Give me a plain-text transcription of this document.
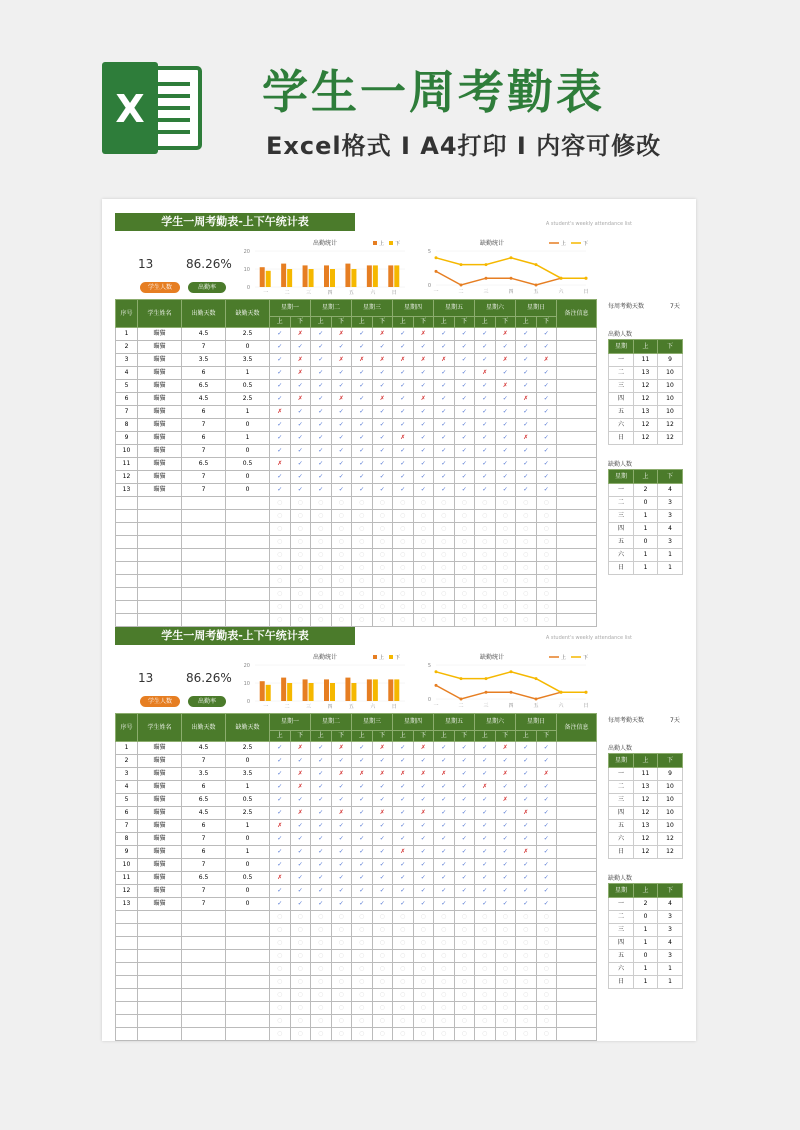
X	学生一周考勤表
Excel格式 Ⅰ A4打印 Ⅰ 内容可修改
学生一周考勤表-上下午统计表	A student's weekly attendance list
13	86.26%
学生人数	出勤率
出勤统计	上 下
20
10
0
一	二	三	四	五	六	日
缺勤统计	上	下
5
0
一	二	三	四	五	六	日
序号	学生姓名	出勤天数	缺勤天数	星期一		星期二		星期三		星期四		星期五		星期六		星期日		备注信息
				上	下	上	下	上	下	上	下	上	下	上	下	上	下	
1	瞄猫	4.5	2.5	✓	✗	✓	✗	✓	✗	✓	✗	✓	✓	✓	✗	✓	✓	
2	瞄猫	7	0	✓	✓	✓	✓	✓	✓	✓	✓	✓	✓	✓	✓	✓	✓	
3	瞄猫	3.5	3.5	✓	✗	✓	✗	✗	✗	✗	✗	✗	✓	✓	✗	✓	✗	
4	瞄猫	6	1	✓	✗	✓	✓	✓	✓	✓	✓	✓	✓	✗	✓	✓	✓	
5	瞄猫	6.5	0.5	✓	✓	✓	✓	✓	✓	✓	✓	✓	✓	✓	✗	✓	✓	
6	瞄猫	4.5	2.5	✓	✗	✓	✗	✓	✗	✓	✗	✓	✓	✓	✓	✗	✓	
7	瞄猫	6	1	✗	✓	✓	✓	✓	✓	✓	✓	✓	✓	✓	✓	✓	✓	
8	瞄猫	7	0	✓	✓	✓	✓	✓	✓	✓	✓	✓	✓	✓	✓	✓	✓	
9	瞄猫	6	1	✓	✓	✓	✓	✓	✓	✗	✓	✓	✓	✓	✓	✗	✓	
10	瞄猫	7	0	✓	✓	✓	✓	✓	✓	✓	✓	✓	✓	✓	✓	✓	✓	
11	瞄猫	6.5	0.5	✗	✓	✓	✓	✓	✓	✓	✓	✓	✓	✓	✓	✓	✓	
12	瞄猫	7	0	✓	✓	✓	✓	✓	✓	✓	✓	✓	✓	✓	✓	✓	✓	
13	瞄猫	7	0	✓	✓	✓	✓	✓	✓	✓	✓	✓	✓	✓	✓	✓	✓	
				○	○	○	○	○	○	○	○	○	○	○	○	○	○	
				○	○	○	○	○	○	○	○	○	○	○	○	○	○	
				○	○	○	○	○	○	○	○	○	○	○	○	○	○	
				○	○	○	○	○	○	○	○	○	○	○	○	○	○	
				○	○	○	○	○	○	○	○	○	○	○	○	○	○	
				○	○	○	○	○	○	○	○	○	○	○	○	○	○	
				○	○	○	○	○	○	○	○	○	○	○	○	○	○	
				○	○	○	○	○	○	○	○	○	○	○	○	○	○	
				○	○	○	○	○	○	○	○	○	○	○	○	○	○	
				○	○	○	○	○	○	○	○	○	○	○	○	○	○	
每周考勤天数	7天
出勤人数
星期	上	下
一	11	9
二	13	10
三	12	10
四	12	10
五	13	10
六	12	12
日	12	12
缺勤人数
星期	上	下
一	2	4
二	0	3
三	1	3
四	1	4
五	0	3
六	1	1
日	1	1
学生一周考勤表-上下午统计表	A student's weekly attendance list
13	86.26%
学生人数	出勤率
出勤统计	上 下
20
10
0
一	二	三	四	五	六	日
缺勤统计	上	下
5
0
一	二	三	四	五	六	日
序号	学生姓名	出勤天数	缺勤天数	星期一		星期二		星期三		星期四		星期五		星期六		星期日		备注信息
				上	下	上	下	上	下	上	下	上	下	上	下	上	下	
1	瞄猫	4.5	2.5	✓	✗	✓	✗	✓	✗	✓	✗	✓	✓	✓	✗	✓	✓	
2	瞄猫	7	0	✓	✓	✓	✓	✓	✓	✓	✓	✓	✓	✓	✓	✓	✓	
3	瞄猫	3.5	3.5	✓	✗	✓	✗	✗	✗	✗	✗	✗	✓	✓	✗	✓	✗	
4	瞄猫	6	1	✓	✗	✓	✓	✓	✓	✓	✓	✓	✓	✗	✓	✓	✓	
5	瞄猫	6.5	0.5	✓	✓	✓	✓	✓	✓	✓	✓	✓	✓	✓	✗	✓	✓	
6	瞄猫	4.5	2.5	✓	✗	✓	✗	✓	✗	✓	✗	✓	✓	✓	✓	✗	✓	
7	瞄猫	6	1	✗	✓	✓	✓	✓	✓	✓	✓	✓	✓	✓	✓	✓	✓	
8	瞄猫	7	0	✓	✓	✓	✓	✓	✓	✓	✓	✓	✓	✓	✓	✓	✓	
9	瞄猫	6	1	✓	✓	✓	✓	✓	✓	✗	✓	✓	✓	✓	✓	✗	✓	
10	瞄猫	7	0	✓	✓	✓	✓	✓	✓	✓	✓	✓	✓	✓	✓	✓	✓	
11	瞄猫	6.5	0.5	✗	✓	✓	✓	✓	✓	✓	✓	✓	✓	✓	✓	✓	✓	
12	瞄猫	7	0	✓	✓	✓	✓	✓	✓	✓	✓	✓	✓	✓	✓	✓	✓	
13	瞄猫	7	0	✓	✓	✓	✓	✓	✓	✓	✓	✓	✓	✓	✓	✓	✓	
				○	○	○	○	○	○	○	○	○	○	○	○	○	○	
				○	○	○	○	○	○	○	○	○	○	○	○	○	○	
				○	○	○	○	○	○	○	○	○	○	○	○	○	○	
				○	○	○	○	○	○	○	○	○	○	○	○	○	○	
				○	○	○	○	○	○	○	○	○	○	○	○	○	○	
				○	○	○	○	○	○	○	○	○	○	○	○	○	○	
				○	○	○	○	○	○	○	○	○	○	○	○	○	○	
				○	○	○	○	○	○	○	○	○	○	○	○	○	○	
				○	○	○	○	○	○	○	○	○	○	○	○	○	○	
				○	○	○	○	○	○	○	○	○	○	○	○	○	○	
每周考勤天数	7天
出勤人数
星期	上	下
一	11	9
二	13	10
三	12	10
四	12	10
五	13	10
六	12	12
日	12	12
缺勤人数
星期	上	下
一	2	4
二	0	3
三	1	3
四	1	4
五	0	3
六	1	1
日	1	1
